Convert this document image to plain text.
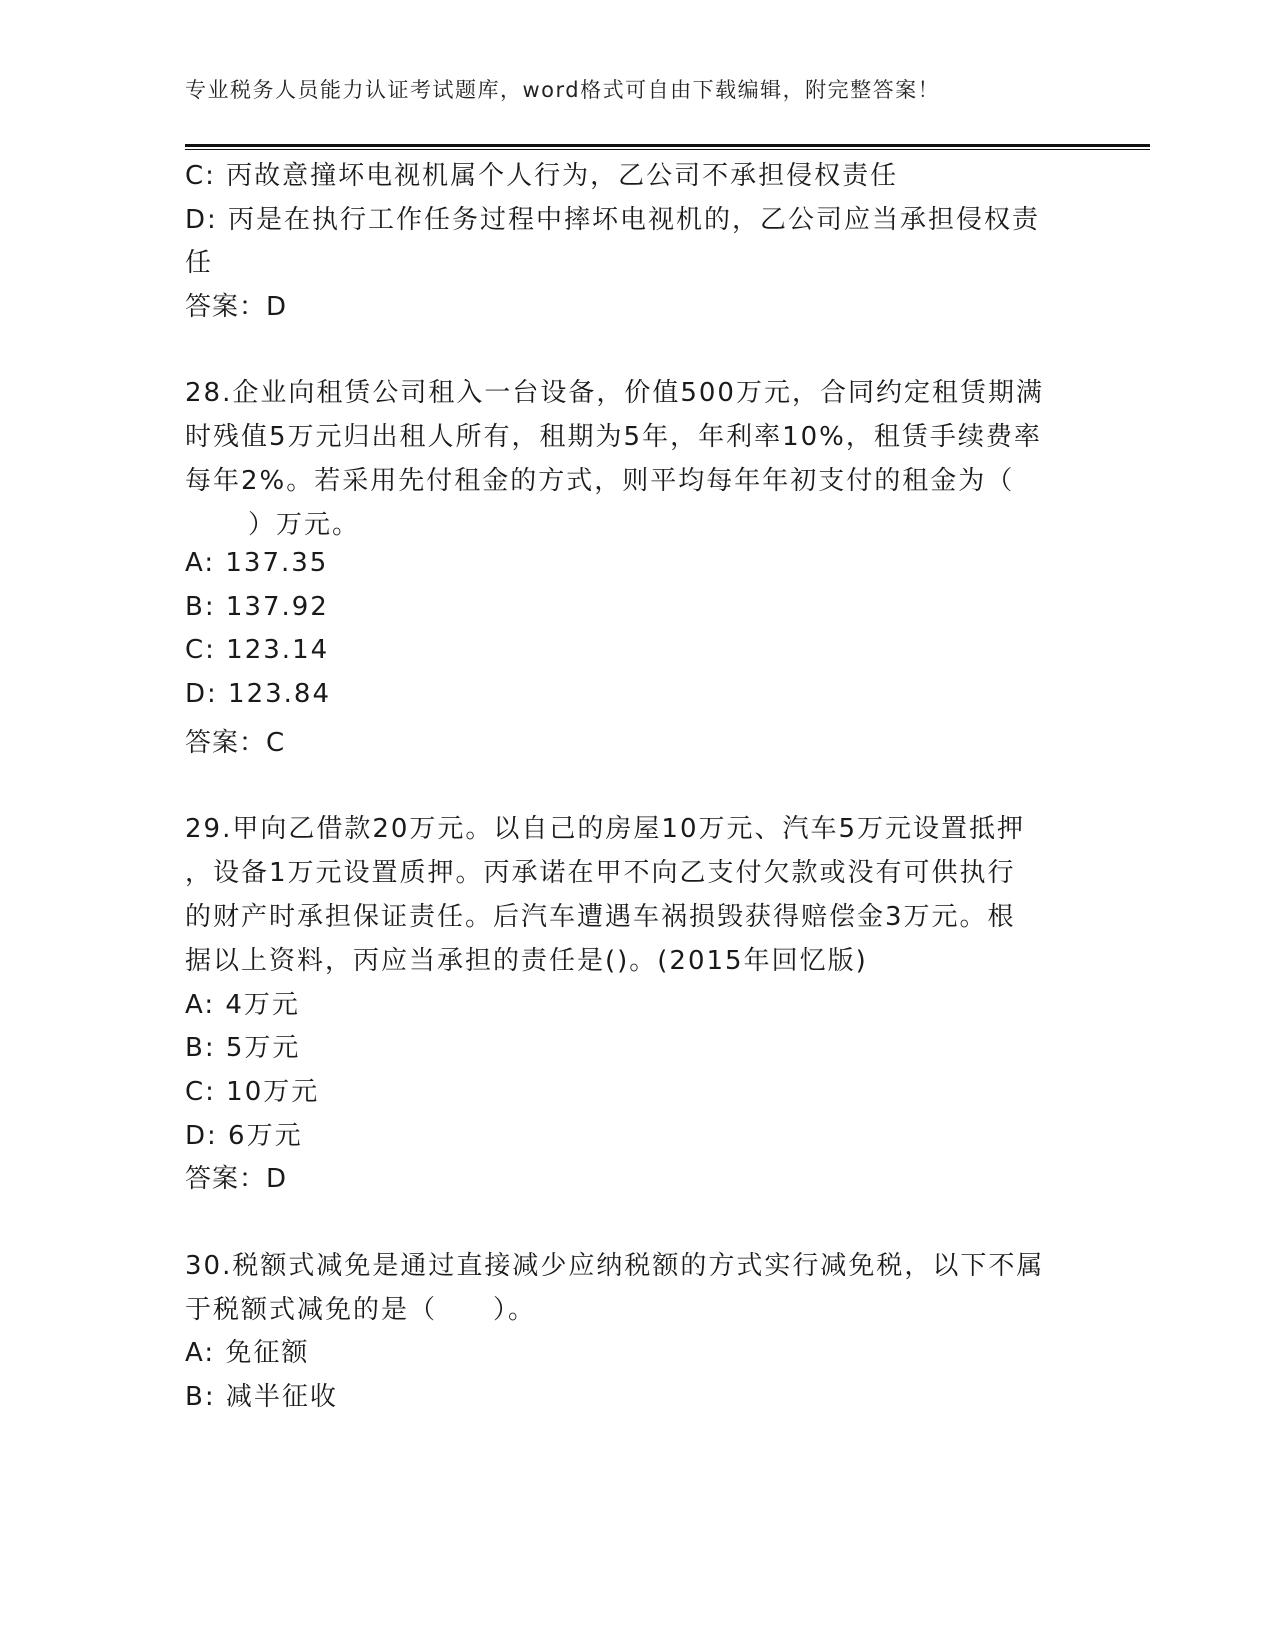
专业税务人员能力认证考试题库，word格式可自由下载编辑，附完整答案！
C: 丙故意撞坏电视机属个人行为，乙公司不承担侵权责任
D: 丙是在执行工作任务过程中摔坏电视机的，乙公司应当承担侵权责
任
答案：D
28.企业向租赁公司租入一台设备，价值500万元，合同约定租赁期满
时残值5万元归出租人所有，租期为5年，年利率10%，租赁手续费率
每年2%。若采用先付租金的方式，则平均每年年初支付的租金为（
）万元。
A: 137.35
B: 137.92
C: 123.14
D: 123.84
答案：C
29.甲向乙借款20万元。以自己的房屋10万元、汽车5万元设置抵押
，设备1万元设置质押。丙承诺在甲不向乙支付欠款或没有可供执行
的财产时承担保证责任。后汽车遭遇车祸损毁获得赔偿金3万元。根
据以上资料，丙应当承担的责任是()。(2015年回忆版)
A: 4万元
B: 5万元
C: 10万元
D: 6万元
答案：D
30.税额式减免是通过直接减少应纳税额的方式实行减免税，以下不属
于税额式减免的是（　　）。
A: 免征额
B: 减半征收
